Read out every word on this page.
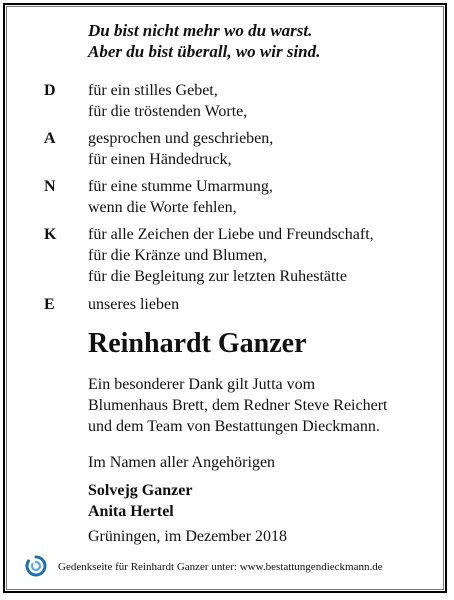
Du bist nicht mehr wo du warst.
Aber du bist überall, wo wir sind.
D für ein stilles Gebet,
für die tröstenden Worte,
A gesprochen und geschrieben,
für einen Händedruck,
N für eine stumme Umarmung,
wenn die Worte fehlen,
K für alle Zeichen der Liebe und Freundschaft,
für die Kränze und Blumen,
für die Begleitung zur letzten Ruhestätte
E unseres lieben
Reinhardt Ganzer
Ein besonderer Dank gilt Jutta vom
Blumenhaus Brett, dem Redner Steve Reichert
und dem Team von Bestattungen Dieckmann.
Im Namen aller Angehörigen
Solvejg Ganzer
Anita Hertel
Grüningen, im Dezember 2018
Gedenkseite für Reinhardt Ganzer unter: www.bestattungendieckmann.de
